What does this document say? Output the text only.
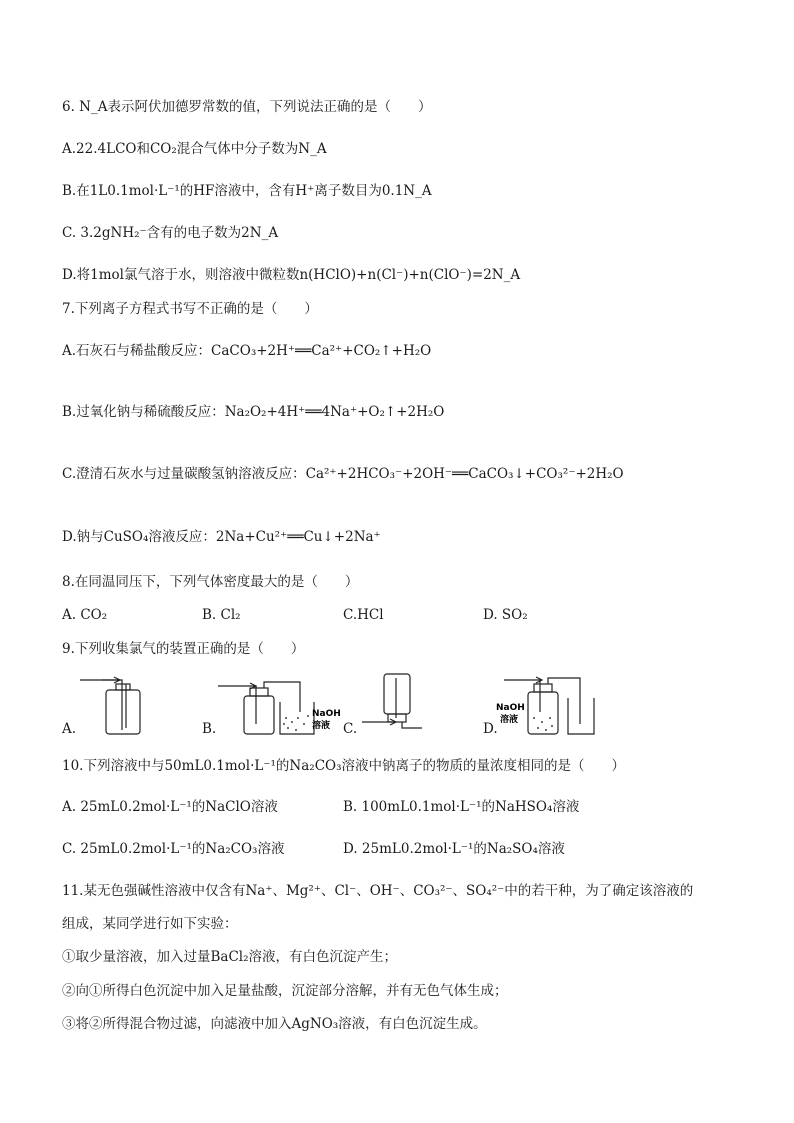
6. N_A表示阿伏加德罗常数的值，下列说法正确的是（　　）
A.22.4LCO和CO₂混合气体中分子数为N_A
B.在1L0.1mol·L⁻¹的HF溶液中，含有H⁺离子数目为0.1N_A
C. 3.2gNH₂⁻含有的电子数为2N_A
D.将1mol氯气溶于水，则溶液中微粒数n(HClO)+n(Cl⁻)+n(ClO⁻)=2N_A
7.下列离子方程式书写不正确的是（　　）
A.石灰石与稀盐酸反应：CaCO₃+2H⁺══Ca²⁺+CO₂↑+H₂O
B.过氧化钠与稀硫酸反应：Na₂O₂+4H⁺══4Na⁺+O₂↑+2H₂O
C.澄清石灰水与过量碳酸氢钠溶液反应：Ca²⁺+2HCO₃⁻+2OH⁻══CaCO₃↓+CO₃²⁻+2H₂O
D.钠与CuSO₄溶液反应：2Na+Cu²⁺══Cu↓+2Na⁺
8.在同温同压下，下列气体密度最大的是（　　）
A. CO₂	B. Cl₂	C.HCl	D. SO₂
9.下列收集氯气的装置正确的是（　　）
A.	B.
NaOH
溶液 C.	D.
NaOH
溶液
10.下列溶液中与50mL0.1mol·L⁻¹的Na₂CO₃溶液中钠离子的物质的量浓度相同的是（　　）
A. 25mL0.2mol·L⁻¹的NaClO溶液	B. 100mL0.1mol·L⁻¹的NaHSO₄溶液
C. 25mL0.2mol·L⁻¹的Na₂CO₃溶液	D. 25mL0.2mol·L⁻¹的Na₂SO₄溶液
11.某无色强碱性溶液中仅含有Na⁺、Mg²⁺、Cl⁻、OH⁻、CO₃²⁻、SO₄²⁻中的若干种，为了确定该溶液的
组成，某同学进行如下实验：
①取少量溶液，加入过量BaCl₂溶液，有白色沉淀产生；
②向①所得白色沉淀中加入足量盐酸，沉淀部分溶解，并有无色气体生成；
③将②所得混合物过滤，向滤液中加入AgNO₃溶液，有白色沉淀生成。
